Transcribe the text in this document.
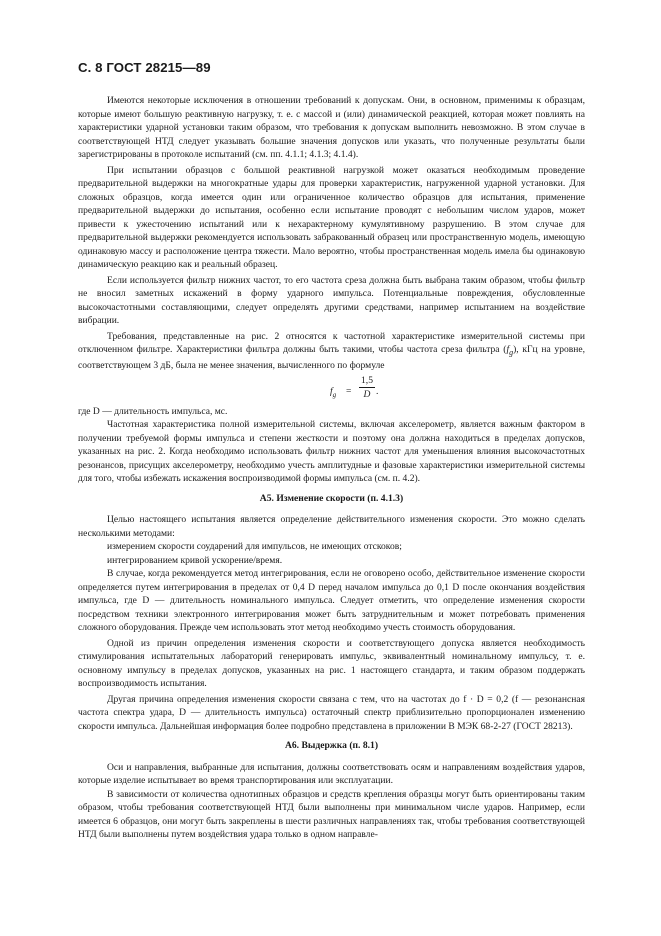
С. 8 ГОСТ 28215—89

Имеются некоторые исключения в отношении требований к допускам. Они, в основном, применимы к образцам, которые имеют большую реактивную нагрузку, т. е. с массой и (или) динамической реакцией, которая может повлиять на характеристики ударной установки таким образом, что требования к допускам выполнить невозможно. В этом случае в соответствующей НТД следует указывать большие значения допусков или указать, что полученные результаты были зарегистрированы в протоколе испытаний (см. пп. 4.1.1; 4.1.3; 4.1.4).

При испытании образцов с большой реактивной нагрузкой может оказаться необходимым проведение предварительной выдержки на многократные удары для проверки характеристик, нагруженной ударной установки. Для сложных образцов, когда имеется один или ограниченное количество образцов для испытания, применение предварительной выдержки до испытания, особенно если испытание проводят с небольшим числом ударов, может привести к ужесточению испытаний или к нехарактерному кумулятивному разрушению. В этом случае для предварительной выдержки рекомендуется использовать забракованный образец или пространственную модель, имеющую одинаковую массу и расположение центра тяжести. Мало вероятно, чтобы пространственная модель имела бы одинаковую динамическую реакцию как и реальный образец.

Если используется фильтр нижних частот, то его частота среза должна быть выбрана таким образом, чтобы фильтр не вносил заметных искажений в форму ударного импульса. Потенциальные повреждения, обусловленные высокочастотными составляющими, следует определять другими средствами, например испытанием на воздействие вибрации.

Требования, представленные на рис. 2 относятся к частотной характеристике измерительной системы при отключенном фильтре. Характеристики фильтра должны быть такими, чтобы частота среза фильтра $(f_g)$, кГц на уровне, соответствующем 3 дБ, была не менее значения, вычисленного по формуле

$f_g = \frac{1,5}{D}$ .

где D — длительность импульса, мс.

Частотная характеристика полной измерительной системы, включая акселерометр, является важным фактором в получении требуемой формы импульса и степени жесткости и поэтому она должна находиться в пределах допусков, указанных на рис. 2. Когда необходимо использовать фильтр нижних частот для уменьшения влияния высокочастотных резонансов, присущих акселерометру, необходимо учесть амплитудные и фазовые характеристики измерительной системы для того, чтобы избежать искажения воспроизводимой формы импульса (см. п. 4.2).

А5. Изменение скорости (п. 4.1.3)

Целью настоящего испытания является определение действительного изменения скорости. Это можно сделать несколькими методами:

измерением скорости соударений для импульсов, не имеющих отскоков;

интегрированием кривой ускорение/время.

В случае, когда рекомендуется метод интегрирования, если не оговорено особо, действительное изменение скорости определяется путем интегрирования в пределах от 0,4 D перед началом импульса до 0,1 D после окончания воздействия импульса, где D — длительность номинального импульса. Следует отметить, что определение изменения скорости посредством техники электронного интегрирования может быть затруднительным и может потребовать применения сложного оборудования. Прежде чем использовать этот метод необходимо учесть стоимость оборудования.

Одной из причин определения изменения скорости и соответствующего допуска является необходимость стимулирования испытательных лабораторий генерировать импульс, эквивалентный номинальному импульсу, т. е. основному импульсу в пределах допусков, указанных на рис. 1 настоящего стандарта, и таким образом поддержать воспроизводимость испытания.

Другая причина определения изменения скорости связана с тем, что на частотах до f · D = 0,2 (f — резонансная частота спектра удара, D — длительность импульса) остаточный спектр приблизительно пропорционален изменению скорости импульса. Дальнейшая информация более подробно представлена в приложении В МЭК 68-2-27 (ГОСТ 28213).

А6. Выдержка (п. 8.1)

Оси и направления, выбранные для испытания, должны соответствовать осям и направлениям воздействия ударов, которые изделие испытывает во время транспортирования или эксплуатации.

В зависимости от количества однотипных образцов и средств крепления образцы могут быть ориентированы таким образом, чтобы требования соответствующей НТД были выполнены при минимальном числе ударов. Например, если имеется 6 образцов, они могут быть закреплены в шести различных направлениях так, чтобы требования соответствующей НТД были выполнены путем воздействия удара только в одном направле-
